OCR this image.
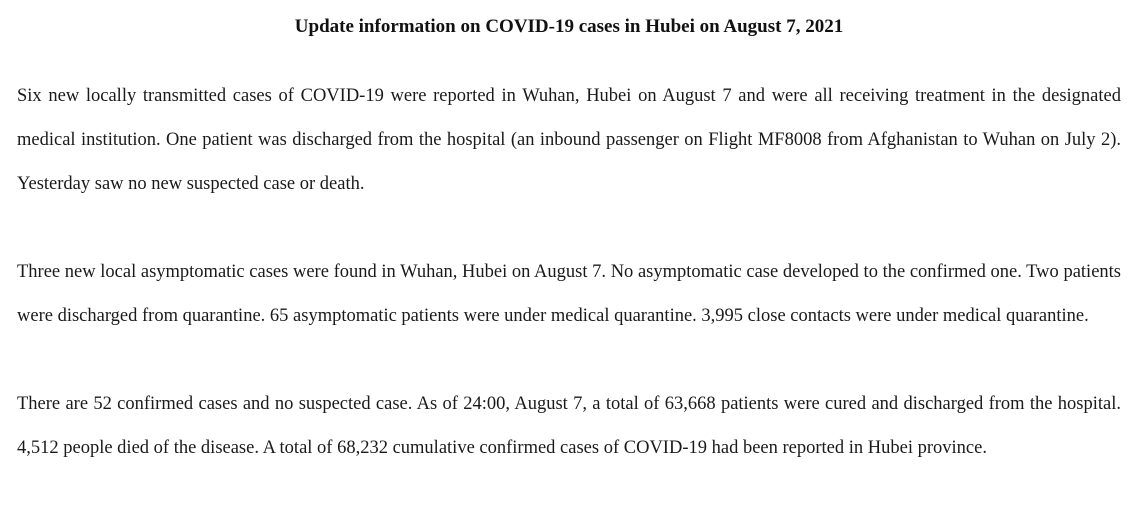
Update information on COVID-19 cases in Hubei on August 7, 2021

Six new locally transmitted cases of COVID-19 were reported in Wuhan, Hubei on August 7 and were all receiving treatment in the designated medical institution. One patient was discharged from the hospital (an inbound passenger on Flight MF8008 from Afghanistan to Wuhan on July 2). Yesterday saw no new suspected case or death.

Three new local asymptomatic cases were found in Wuhan, Hubei on August 7. No asymptomatic case developed to the confirmed one. Two patients were discharged from quarantine. 65 asymptomatic patients were under medical quarantine. 3,995 close contacts were under medical quarantine.

There are 52 confirmed cases and no suspected case. As of 24:00, August 7, a total of 63,668 patients were cured and discharged from the hospital. 4,512 people died of the disease. A total of 68,232 cumulative confirmed cases of COVID-19 had been reported in Hubei province.
